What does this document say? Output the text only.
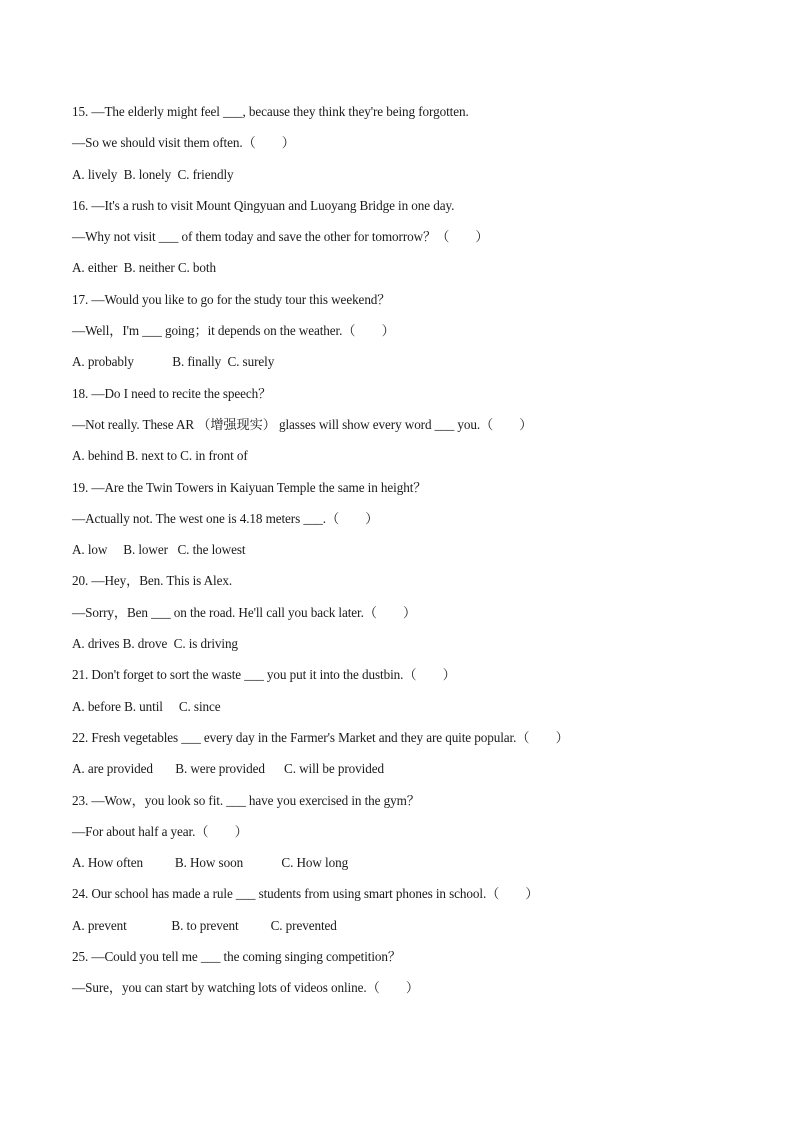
15. —The elderly might feel ___, because they think they're being forgotten.
—So we should visit them often.（　　）
A. lively  B. lonely  C. friendly
16. —It's a rush to visit Mount Qingyuan and Luoyang Bridge in one day.
—Why not visit ___ of them today and save the other for tomorrow？（　　）
A. either  B. neither C. both
17. —Would you like to go for the study tour this weekend？
—Well，I'm ___ going；it depends on the weather.（　　）
A. probably            B. finally  C. surely
18. —Do I need to recite the speech？
—Not really. These AR （增强现实） glasses will show every word ___ you.（　　）
A. behind B. next to C. in front of
19. —Are the Twin Towers in Kaiyuan Temple the same in height？
—Actually not. The west one is 4.18 meters ___.（　　）
A. low     B. lower   C. the lowest
20. —Hey，Ben. This is Alex.
—Sorry，Ben ___ on the road. He'll call you back later.（　　）
A. drives B. drove  C. is driving
21. Don't forget to sort the waste ___ you put it into the dustbin.（　　）
A. before B. until     C. since
22. Fresh vegetables ___ every day in the Farmer's Market and they are quite popular.（　　）
A. are provided       B. were provided      C. will be provided
23. —Wow，you look so fit. ___ have you exercised in the gym？
—For about half a year.（　　）
A. How often          B. How soon            C. How long
24. Our school has made a rule ___ students from using smart phones in school.（　　）
A. prevent              B. to prevent          C. prevented
25. —Could you tell me ___ the coming singing competition？
—Sure，you can start by watching lots of videos online.（　　）
